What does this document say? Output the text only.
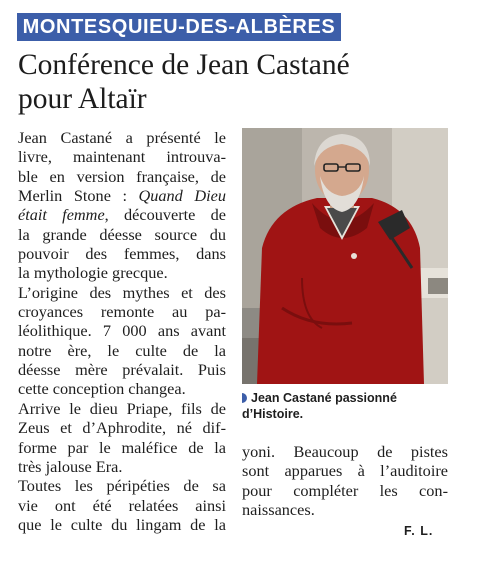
MONTESQUIEU-DES-ALBÈRES
Conférence de Jean Castané
pour Altaïr
Jean Castané a présenté le
livre, maintenant introuva-
ble en version française, de
Merlin Stone : Quand Dieu
était femme, découverte de
la grande déesse source du
pouvoir des femmes, dans
la mythologie grecque.
L’origine des mythes et des
croyances remonte au pa-
léolithique. 7 000 ans avant
notre ère, le culte de la
déesse mère prévalait. Puis
cette conception changea.
Arrive le dieu Priape, fils de
Zeus et d’Aphrodite, né dif-
forme par le maléfice de la
très jalouse Era.
Toutes les péripéties de sa
vie ont été relatées ainsi
que le culte du lingam de la
Jean Castané passionné d’Histoire.
yoni. Beaucoup de pistes
sont apparues à l’auditoire
pour compléter les con-
naissances.
F. L.
